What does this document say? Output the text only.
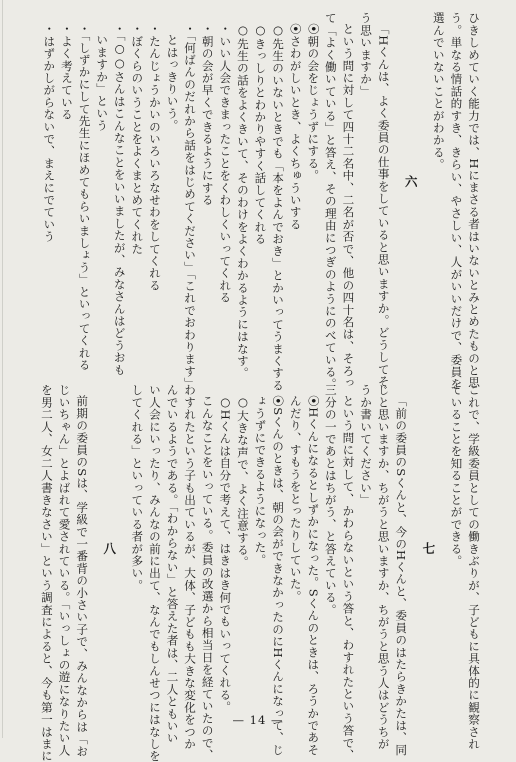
ひきしめていく能力では、Hにまさる者はいないとみとめたものと思

う。単なる情話的すき、きらい、やさしい、人がいいだけで、委員を

選んでいないことがわかる。

六

「Hくんは、よく委員の仕事をしていると思いますか。どうしてそ

う思いますか」

という問に対して四十二名中、二名が否で、他の四十名は、そろっ

て「よく働いている」と答え、その理由につぎのようにのべている。

⦿朝の会をじょうずにする。

⦿さわがしいとき、よくちゅういする

○先生のいないときでも「本をよんでおき」とかいってうまくする

○きっしりとわかりやすく話してくれる

○先生の話をよくきいて、そのわけをよくわかるようにはなす。

・いい人会できまったことをくわしくいってくれる

・朝の会が早くできるようにする

・「何ばんのだれから話をはじめてください」「これでおわります」

とはっきりいう。

・たんじょうかいのいろいろなせわをしてくれる

・ぼくらのいうことをよくまとめてくれた

・「○○さんはこんなことをいいましたが、みなさんはどうおも

いますか」という

・「しずかにして先生にほめてもらいましょう」といってくれる

・よく考えている

・はずかしがらないで、まえにでていう

これで、学級委員としての働きぶりが、子どもに具体的に観察され

ていることを知ることができる。

七

「前の委員のSくんと、今のHくんと、委員のはたらきかたは、同

じと思いますか、ちがうと思いますか、ちがうと思う人はどうちが

うか書いてください」

という問に対して、かわらないという答と、わすれたという答で、

三分の一であとはちがう、と答えている。

⦿Hくんになるとしずかになった。Sくんのときは、ろうかであそ

んだり、すもうをとったりしていた。

⦿Sくんのときは、朝の会ができなかったのにHくんになって、じ

ょうずにできるようになった。

○大きな声で、よく注意する。

○Hくんは自分で考えて、はきはき何でもいってくれる。

こんなことをいっている。委員の改選から相当日を経ていたので、

わすれたという子も出ているが、大体、子どもも大きな変化をつか

んでいるようである。「わからない」と答えた者は、二人ともいい

い人会にいったり、みんなの前に出て、なんでもしんせつにはなしを

してくれる」といっている者が多い。

八

前期の委員のSは、学級で一番背の小さい子で、みんなからは「お

じいちゃん」とよばれて愛されている。「いっしょの遊になりたい人

を男二人、女二人書きなさい」という調査によると、今も第一はまに	— 14 —
